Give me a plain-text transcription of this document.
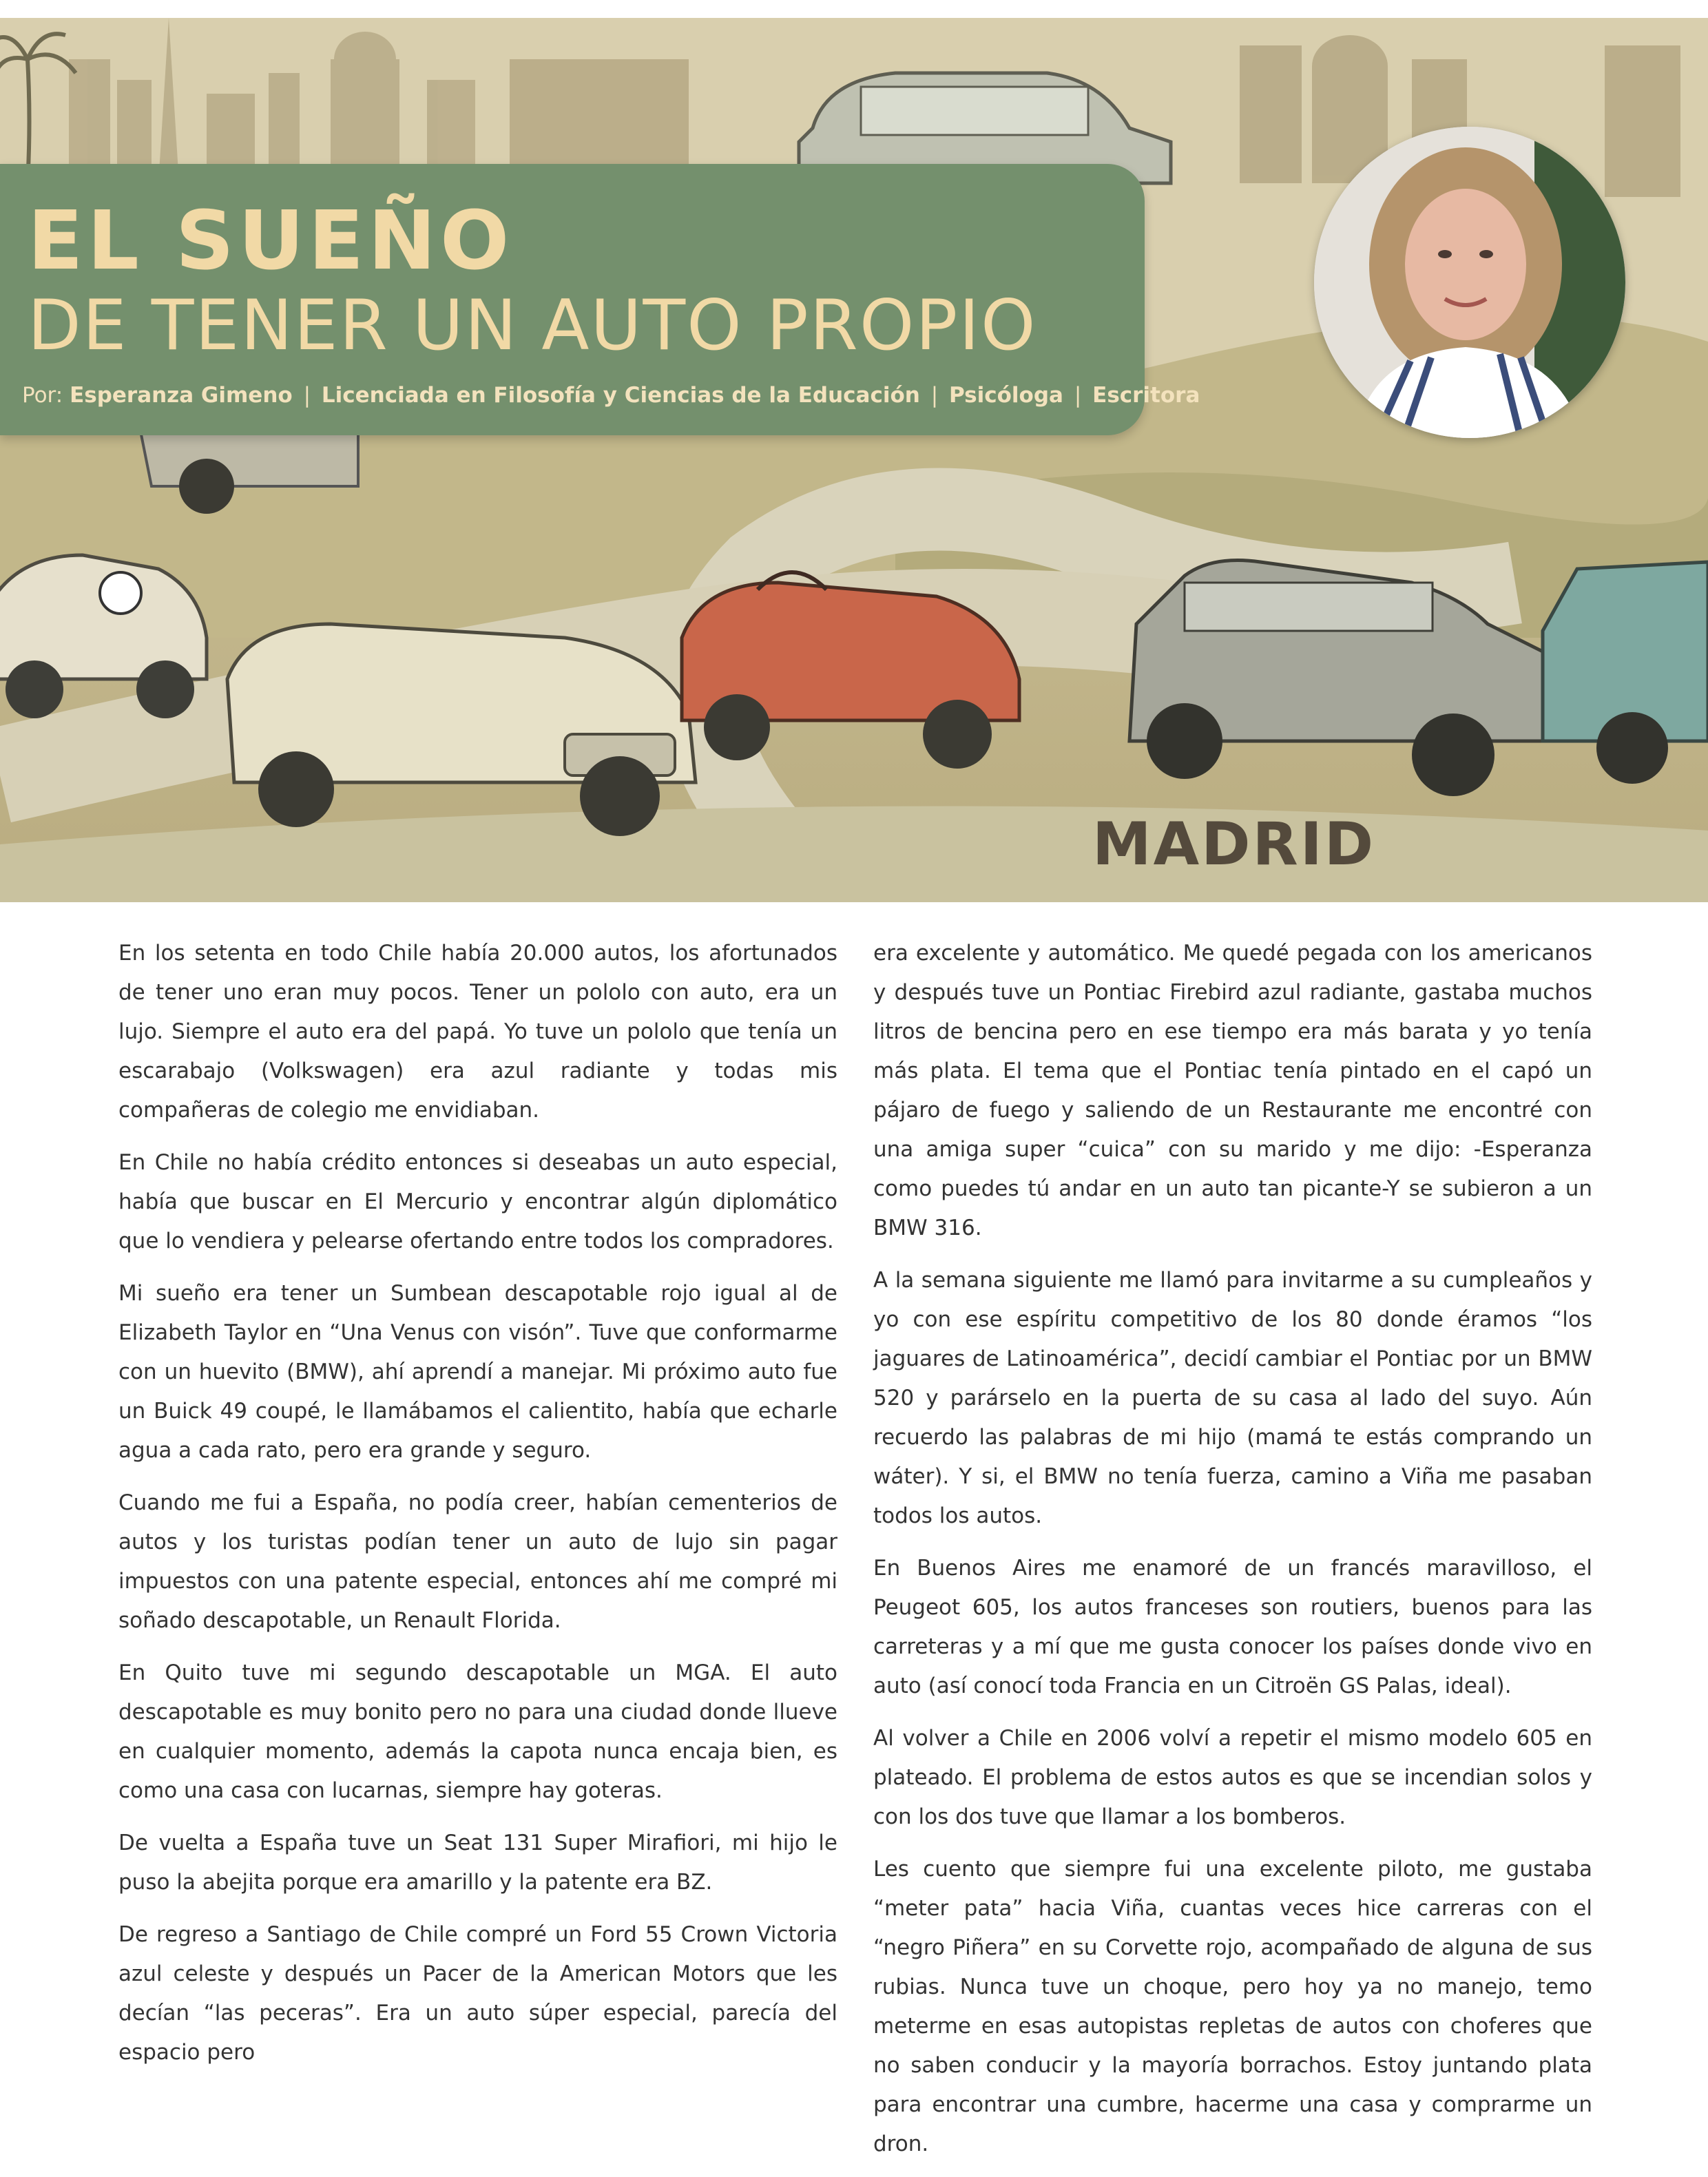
EL SUEÑO
DE TENER UN AUTO PROPIO
Por: Esperanza Gimeno | Licenciada en Filosofía y Ciencias de la Educación | Psicóloga | Escritora
MADRID

En los setenta en todo Chile había 20.000 autos, los afortunados de tener uno eran muy pocos. Tener un pololo con auto, era un lujo. Siempre el auto era del papá. Yo tuve un pololo que tenía un escarabajo (Volkswagen) era azul radiante y todas mis compañeras de colegio me envidiaban.

En Chile no había crédito entonces si deseabas un auto especial, había que buscar en El Mercurio y encontrar algún diplomático que lo vendiera y pelearse ofertando entre todos los compradores.

Mi sueño era tener un Sumbean descapotable rojo igual al de Elizabeth Taylor en “Una Venus con visón”. Tuve que conformarme con un huevito (BMW), ahí aprendí a manejar. Mi próximo auto fue un Buick 49 coupé, le llamábamos el calientito, había que echarle agua a cada rato, pero era grande y seguro.

Cuando me fui a España, no podía creer, habían cementerios de autos y los turistas podían tener un auto de lujo sin pagar impuestos con una patente especial, entonces ahí me compré mi soñado descapotable, un Renault Florida.

En Quito tuve mi segundo descapotable un MGA. El auto descapotable es muy bonito pero no para una ciudad donde llueve en cualquier momento, además la capota nunca encaja bien, es como una casa con lucarnas, siempre hay goteras.

De vuelta a España tuve un Seat 131 Super Mirafiori, mi hijo le puso la abejita porque era amarillo y la patente era BZ.

De regreso a Santiago de Chile compré un Ford 55 Crown Victoria azul celeste y después un Pacer de la American Motors que les decían “las peceras”. Era un auto súper especial, parecía del espacio pero

era excelente y automático. Me quedé pegada con los americanos y después tuve un Pontiac Firebird azul radiante, gastaba muchos litros de bencina pero en ese tiempo era más barata y yo tenía más plata. El tema que el Pontiac tenía pintado en el capó un pájaro de fuego y saliendo de un Restaurante me encontré con una amiga super “cuica” con su marido y me dijo: -Esperanza como puedes tú andar en un auto tan picante-Y se subieron a un BMW 316.

A la semana siguiente me llamó para invitarme a su cumpleaños y yo con ese espíritu competitivo de los 80 donde éramos “los jaguares de Latinoamérica”, decidí cambiar el Pontiac por un BMW 520 y parárselo en la puerta de su casa al lado del suyo. Aún recuerdo las palabras de mi hijo (mamá te estás comprando un wáter). Y si, el BMW no tenía fuerza, camino a Viña me pasaban todos los autos.

En Buenos Aires me enamoré de un francés maravilloso, el Peugeot 605, los autos franceses son routiers, buenos para las carreteras y a mí que me gusta conocer los países donde vivo en auto (así conocí toda Francia en un Citroën GS Palas, ideal).

Al volver a Chile en 2006 volví a repetir el mismo modelo 605 en plateado. El problema de estos autos es que se incendian solos y con los dos tuve que llamar a los bomberos.

Les cuento que siempre fui una excelente piloto, me gustaba “meter pata” hacia Viña, cuantas veces hice carreras con el “negro Piñera” en su Corvette rojo, acompañado de alguna de sus rubias. Nunca tuve un choque, pero hoy ya no manejo, temo meterme en esas autopistas repletas de autos con choferes que no saben conducir y la mayoría borrachos. Estoy juntando plata para encontrar una cumbre, hacerme una casa y comprarme un dron.
